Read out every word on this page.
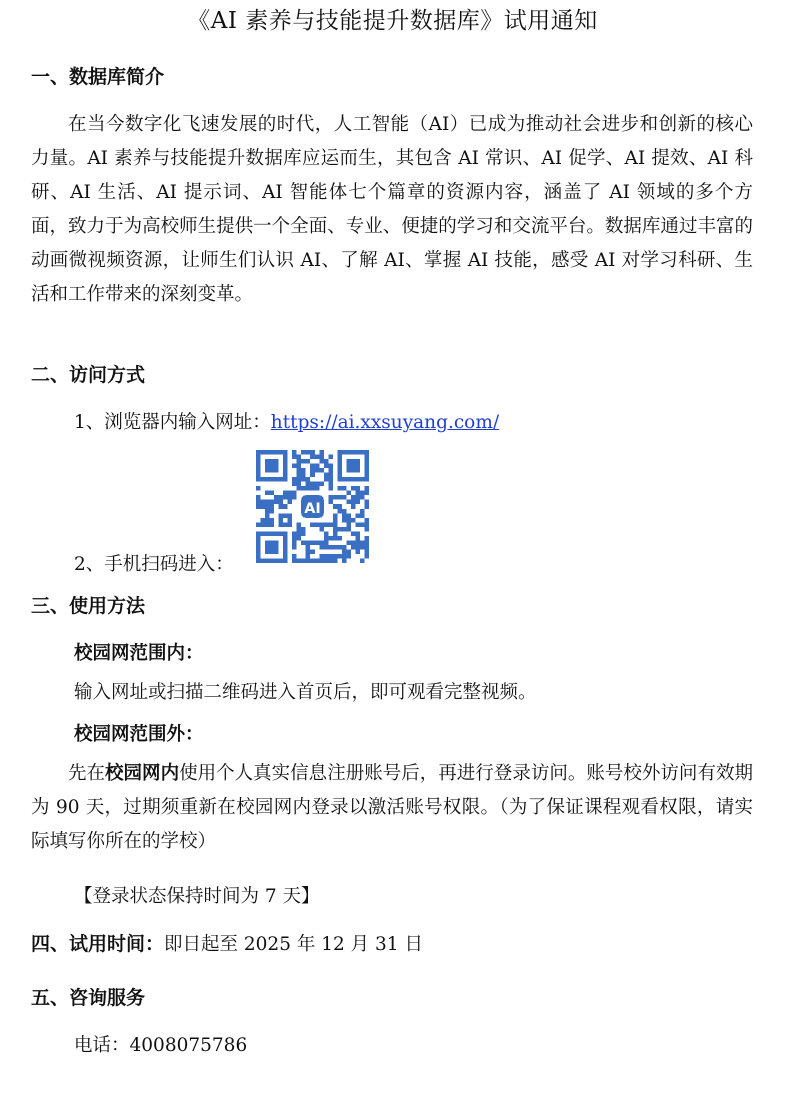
《AI 素养与技能提升数据库》试用通知
一、数据库简介

在当今数字化飞速发展的时代，人工智能（AI）已成为推动社会进步和创新的核心力量。AI 素养与技能提升数据库应运而生，其包含 AI 常识、AI 促学、AI 提效、AI 科研、AI 生活、AI 提示词、AI 智能体七个篇章的资源内容，涵盖了 AI 领域的多个方面，致力于为高校师生提供一个全面、专业、便捷的学习和交流平台。数据库通过丰富的动画微视频资源，让师生们认识 AI、了解 AI、掌握 AI 技能，感受 AI 对学习科研、生活和工作带来的深刻变革。

二、访问方式
1、浏览器内输入网址：https://ai.xxsuyang.com/
AI
2、手机扫码进入：
三、使用方法
校园网范围内：
输入网址或扫描二维码进入首页后，即可观看完整视频。
校园网范围外：

先在校园网内使用个人真实信息注册账号后，再进行登录访问。账号校外访问有效期为 90 天，过期须重新在校园网内登录以激活账号权限。（为了保证课程观看权限，请实际填写你所在的学校）

【登录状态保持时间为 7 天】
四、试用时间：即日起至 2025 年 12 月 31 日
五、咨询服务
电话：4008075786
